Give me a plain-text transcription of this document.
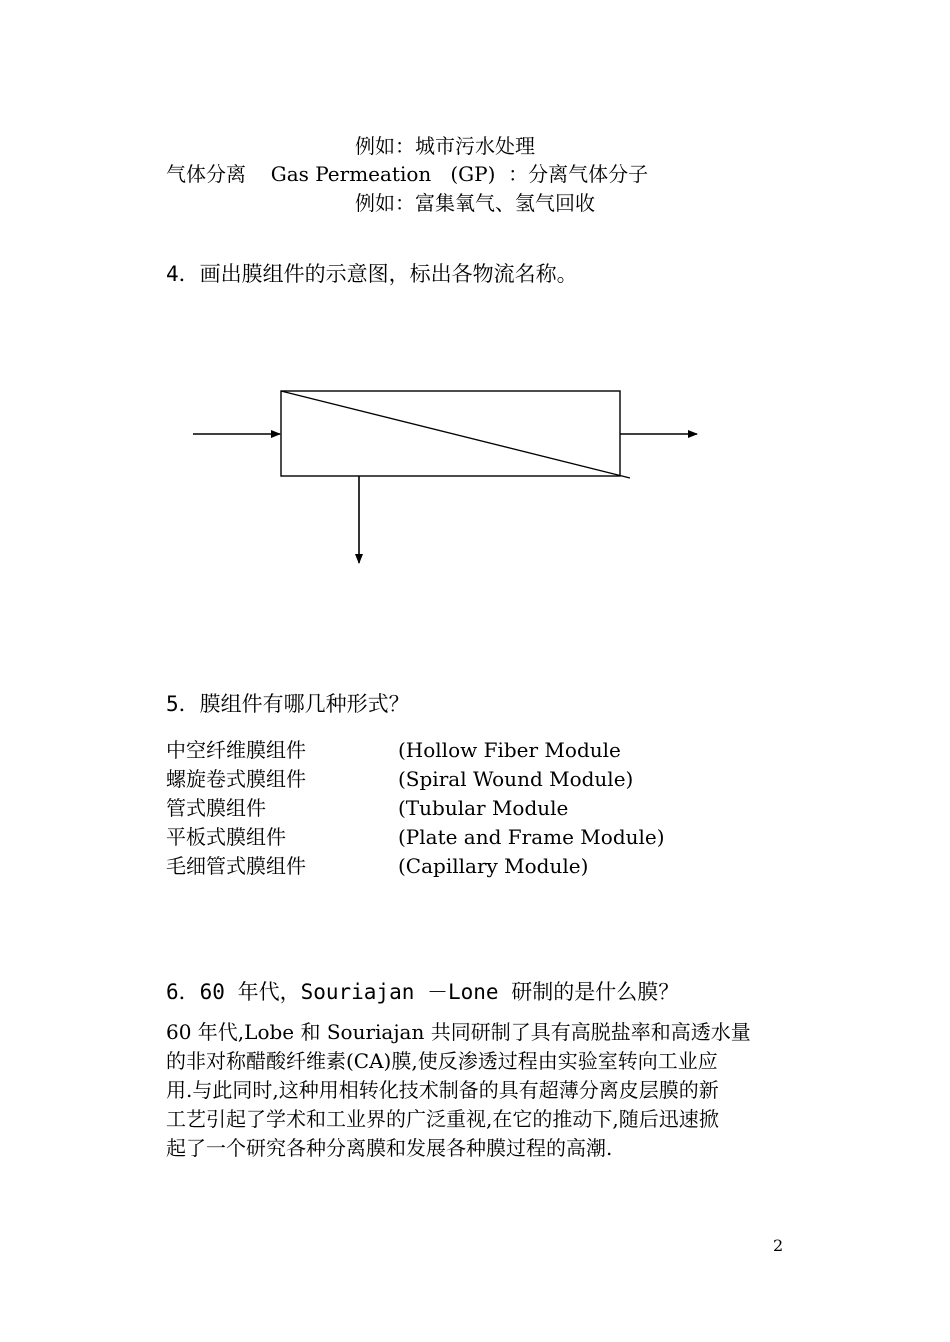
例如：城市污水处理
气体分离 Gas Permeation   (GP)  ：分离气体分子
例如：富集氧气、氢气回收
4．画出膜组件的示意图，标出各物流名称。
5．膜组件有哪几种形式？
中空纤维膜组件	(Hollow Fiber Module
螺旋卷式膜组件	(Spiral Wound Module)
管式膜组件	(Tubular Module
平板式膜组件	(Plate and Frame Module)
毛细管式膜组件	(Capillary Module)
6．60 年代，Souriajan －Lone 研制的是什么膜？
60 年代,Lobe 和 Souriajan 共同研制了具有高脱盐率和高透水量
的非对称醋酸纤维素(CA)膜,使反渗透过程由实验室转向工业应
用.与此同时,这种用相转化技术制备的具有超薄分离皮层膜的新
工艺引起了学术和工业界的广泛重视,在它的推动下,随后迅速掀
起了一个研究各种分离膜和发展各种膜过程的高潮.
2
